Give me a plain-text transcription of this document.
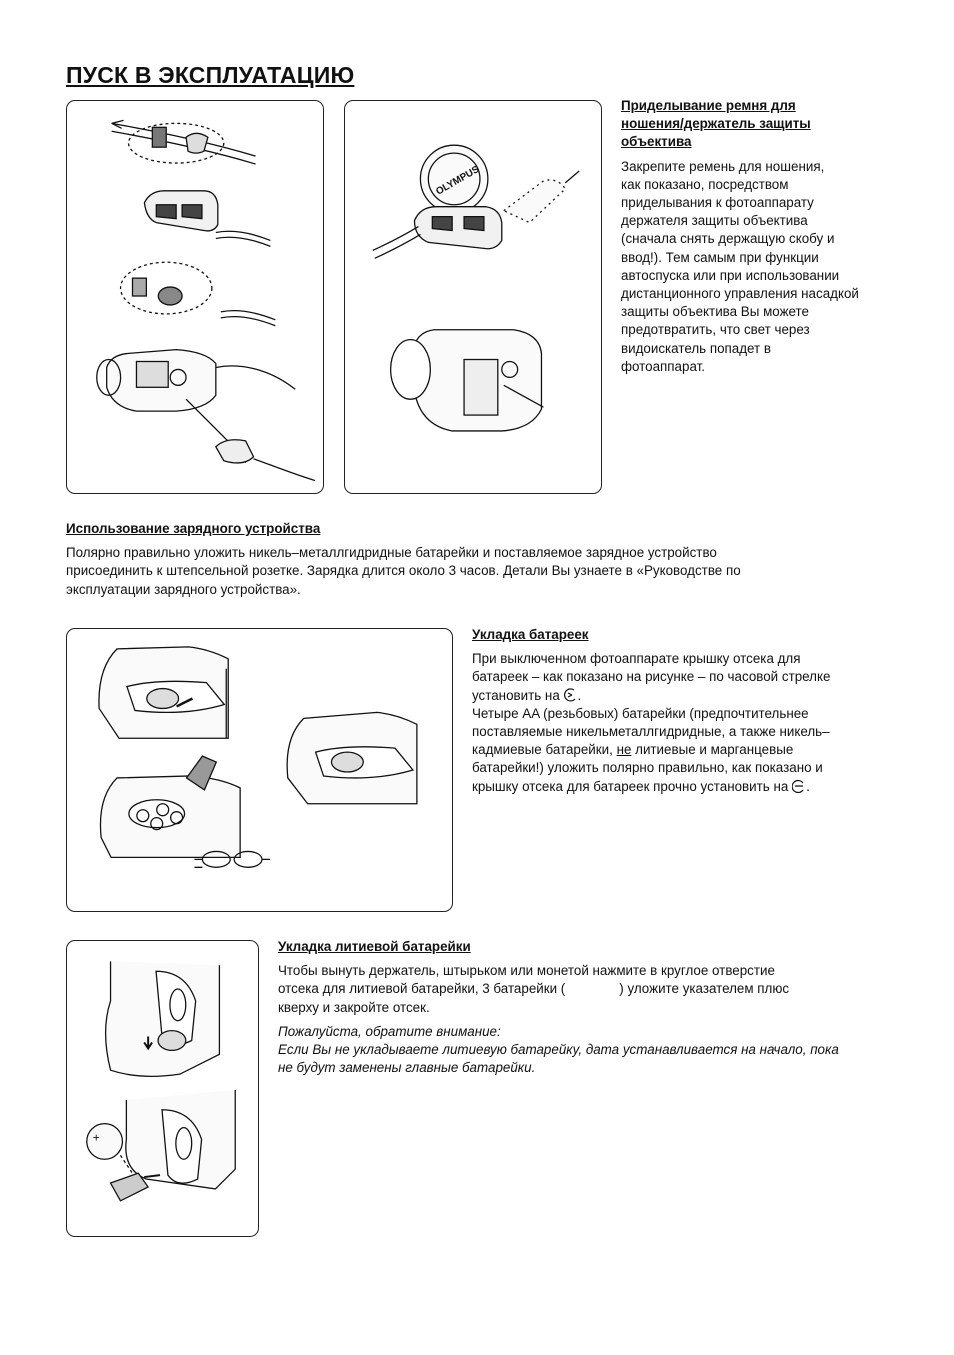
ПУСК В ЭКСПЛУАТАЦИЮ
OLYMPUS
Приделывание ремня для
ношения/держатель защиты
объектива

Закрепите ремень для ношения,
как показано, посредством
приделывания к фотоаппарату
держателя защиты объектива
(сначала снять держащую скобу и
ввод!). Тем самым при функции
автоспуска или при использовании
дистанционного управления насадкой
защиты объектива Вы можете
предотвратить, что свет через
видоискатель попадет в
фотоаппарат.

Использование зарядного устройства

Полярно правильно уложить никель–металлгидридные батарейки и поставляемое зарядное устройство
присоединить к штепсельной розетке. Зарядка длится около 3 часов. Детали Вы узнаете в «Руководстве по
эксплуатации зарядного устройства».

Укладка батареек

При выключенном фотоаппарате крышку отсека для
батареек – как показано на рисунке – по часовой стрелке
установить на .
Четыре AA (резьбовых) батарейки (предпочтительнее
поставляемые никельметаллгидридные, а также никель–
кадмиевые батарейки, не литиевые и марганцевые
батарейки!) уложить полярно правильно, как показано и
крышку отсека для батареек прочно установить на .

+
Укладка литиевой батарейки

Чтобы вынуть держатель, штырьком или монетой нажмите в круглое отверстие
отсека для литиевой батарейки, 3 батарейки (	) уложите указателем плюс
кверху и закройте отсек.

Пожалуйста, обратите внимание:
Если Вы не укладываете литиевую батарейку, дата устанавливается на начало, пока
не будут заменены главные батарейки.
